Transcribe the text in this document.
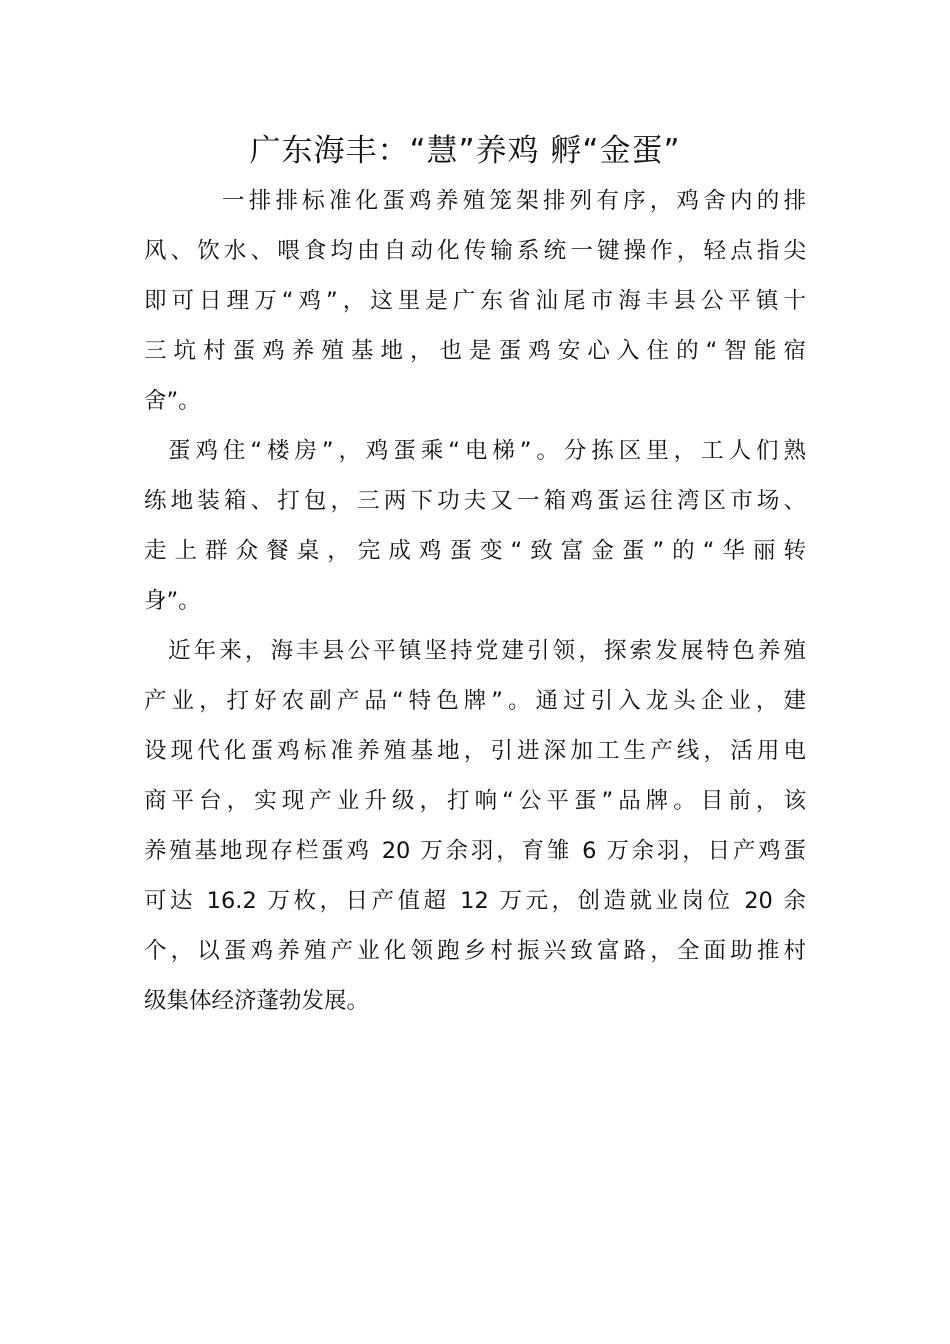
广东海丰：“慧”养鸡 孵“金蛋”

一排排标准化蛋鸡养殖笼架排列有序，鸡舍内的排
风、饮水、喂食均由自动化传输系统一键操作，轻点指尖
即可日理万“鸡”，这里是广东省汕尾市海丰县公平镇十
三坑村蛋鸡养殖基地，也是蛋鸡安心入住的“智能宿
舍”。

蛋鸡住“楼房”，鸡蛋乘“电梯”。分拣区里，工人们熟
练地装箱、打包，三两下功夫又一箱鸡蛋运往湾区市场、
走上群众餐桌，完成鸡蛋变“致富金蛋”的“华丽转
身”。

近年来，海丰县公平镇坚持党建引领，探索发展特色养殖
产业，打好农副产品“特色牌”。通过引入龙头企业，建
设现代化蛋鸡标准养殖基地，引进深加工生产线，活用电
商平台，实现产业升级，打响“公平蛋”品牌。目前，该
养殖基地现存栏蛋鸡 20 万余羽，育雏 6 万余羽，日产鸡蛋
可达 16.2 万枚，日产值超 12 万元，创造就业岗位 20 余
个，以蛋鸡养殖产业化领跑乡村振兴致富路，全面助推村
级集体经济蓬勃发展。
